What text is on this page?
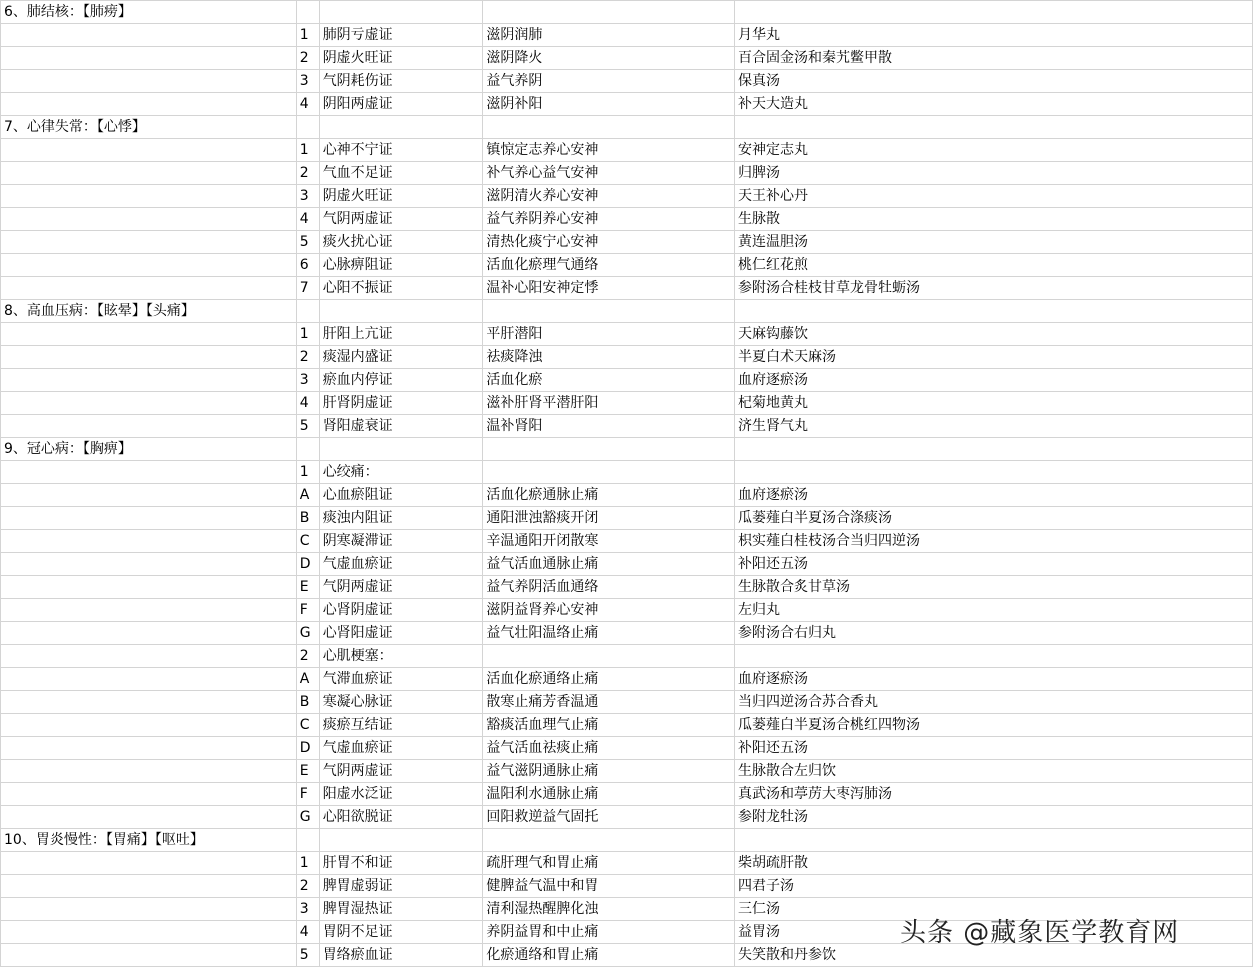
6、肺结核：【肺痨】				
	1	肺阴亏虚证	滋阴润肺	月华丸
	2	阴虚火旺证	滋阴降火	百合固金汤和秦艽鳖甲散
	3	气阴耗伤证	益气养阴	保真汤
	4	阴阳两虚证	滋阴补阳	补天大造丸
7、心律失常：【心悸】				
	1	心神不宁证	镇惊定志养心安神	安神定志丸
	2	气血不足证	补气养心益气安神	归脾汤
	3	阴虚火旺证	滋阴清火养心安神	天王补心丹
	4	气阴两虚证	益气养阴养心安神	生脉散
	5	痰火扰心证	清热化痰宁心安神	黄连温胆汤
	6	心脉痹阻证	活血化瘀理气通络	桃仁红花煎
	7	心阳不振证	温补心阳安神定悸	参附汤合桂枝甘草龙骨牡蛎汤
8、高血压病：【眩晕】【头痛】				
	1	肝阳上亢证	平肝潜阳	天麻钩藤饮
	2	痰湿内盛证	祛痰降浊	半夏白术天麻汤
	3	瘀血内停证	活血化瘀	血府逐瘀汤
	4	肝肾阴虚证	滋补肝肾平潜肝阳	杞菊地黄丸
	5	肾阳虚衰证	温补肾阳	济生肾气丸
9、冠心病：【胸痹】				
	1	心绞痛：		
	A	心血瘀阻证	活血化瘀通脉止痛	血府逐瘀汤
	B	痰浊内阻证	通阳泄浊豁痰开闭	瓜蒌薤白半夏汤合涤痰汤
	C	阴寒凝滞证	辛温通阳开闭散寒	枳实薤白桂枝汤合当归四逆汤
	D	气虚血瘀证	益气活血通脉止痛	补阳还五汤
	E	气阴两虚证	益气养阴活血通络	生脉散合炙甘草汤
	F	心肾阴虚证	滋阴益肾养心安神	左归丸
	G	心肾阳虚证	益气壮阳温络止痛	参附汤合右归丸
	2	心肌梗塞：		
	A	气滞血瘀证	活血化瘀通络止痛	血府逐瘀汤
	B	寒凝心脉证	散寒止痛芳香温通	当归四逆汤合苏合香丸
	C	痰瘀互结证	豁痰活血理气止痛	瓜蒌薤白半夏汤合桃红四物汤
	D	气虚血瘀证	益气活血祛痰止痛	补阳还五汤
	E	气阴两虚证	益气滋阴通脉止痛	生脉散合左归饮
	F	阳虚水泛证	温阳利水通脉止痛	真武汤和葶苈大枣泻肺汤
	G	心阳欲脱证	回阳救逆益气固托	参附龙牡汤
10、胃炎慢性：【胃痛】【呕吐】				
	1	肝胃不和证	疏肝理气和胃止痛	柴胡疏肝散
	2	脾胃虚弱证	健脾益气温中和胃	四君子汤
	3	脾胃湿热证	清利湿热醒脾化浊	三仁汤
	4	胃阴不足证	养阴益胃和中止痛	益胃汤
	5	胃络瘀血证	化瘀通络和胃止痛	失笑散和丹参饮
头条 @藏象医学教育网
